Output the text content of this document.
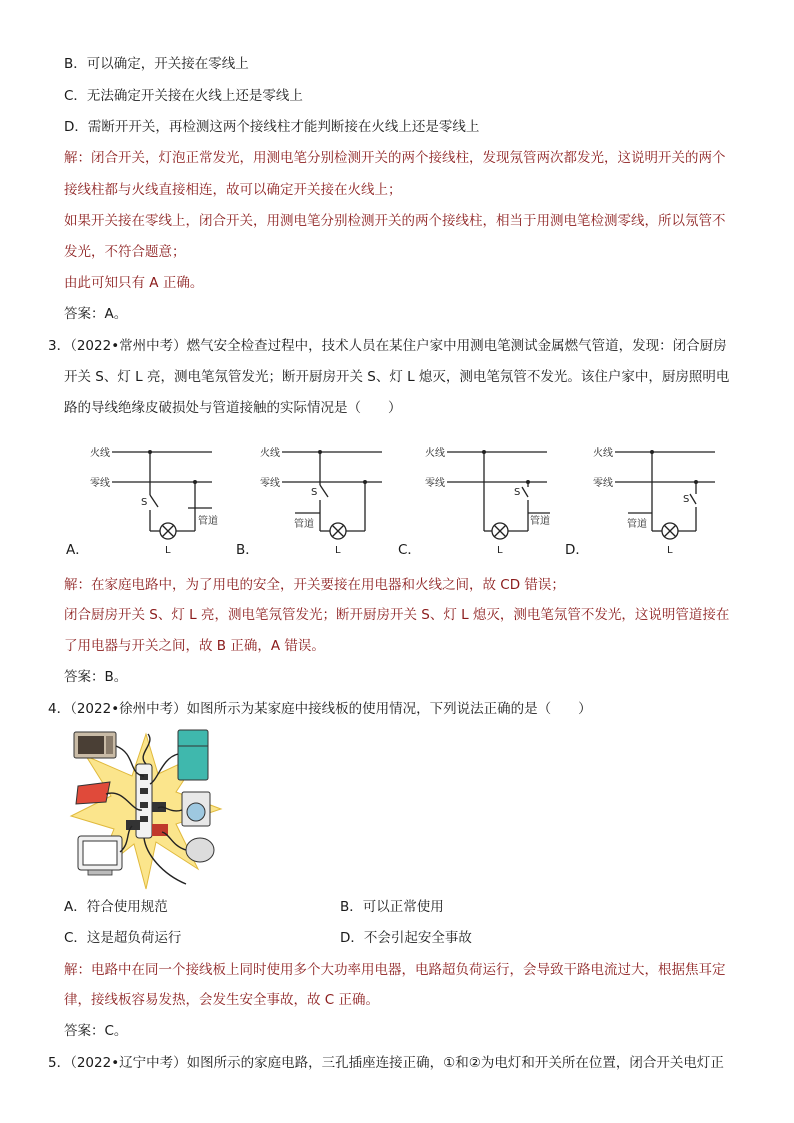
B．可以确定，开关接在零线上
C．无法确定开关接在火线上还是零线上
D．需断开开关，再检测这两个接线柱才能判断接在火线上还是零线上
解：闭合开关，灯泡正常发光，用测电笔分别检测开关的两个接线柱，发现氖管两次都发光，这说明开关的两个
接线柱都与火线直接相连，故可以确定开关接在火线上；
如果开关接在零线上，闭合开关，用测电笔分别检测开关的两个接线柱，相当于用测电笔检测零线，所以氖管不
发光，不符合题意；
由此可知只有 A 正确。
答案：A。
3．（2022•常州中考）燃气安全检查过程中，技术人员在某住户家中用测电笔测试金属燃气管道，发现：闭合厨房
开关 S、灯 L 亮，测电笔氖管发光；断开厨房开关 S、灯 L 熄灭，测电笔氖管不发光。该住户家中，厨房照明电
路的导线绝缘皮破损处与管道接触的实际情况是（　　）
火线
零线
S
L
管道
火线
零线
S
L
管道
火线
零线
S
L
管道
火线
零线
S
L
管道
A．	B．	C．	D．
解：在家庭电路中，为了用电的安全，开关要接在用电器和火线之间，故 CD 错误；
闭合厨房开关 S、灯 L 亮，测电笔氖管发光；断开厨房开关 S、灯 L 熄灭，测电笔氖管不发光，这说明管道接在
了用电器与开关之间，故 B 正确，A 错误。
答案：B。
4．（2022•徐州中考）如图所示为某家庭中接线板的使用情况，下列说法正确的是（　　）
A．符合使用规范	B．可以正常使用
C．这是超负荷运行	D．不会引起安全事故
解：电路中在同一个接线板上同时使用多个大功率用电器，电路超负荷运行，会导致干路电流过大，根据焦耳定
律，接线板容易发热，会发生安全事故，故 C 正确。
答案：C。
5．（2022•辽宁中考）如图所示的家庭电路，三孔插座连接正确，①和②为电灯和开关所在位置，闭合开关电灯正
